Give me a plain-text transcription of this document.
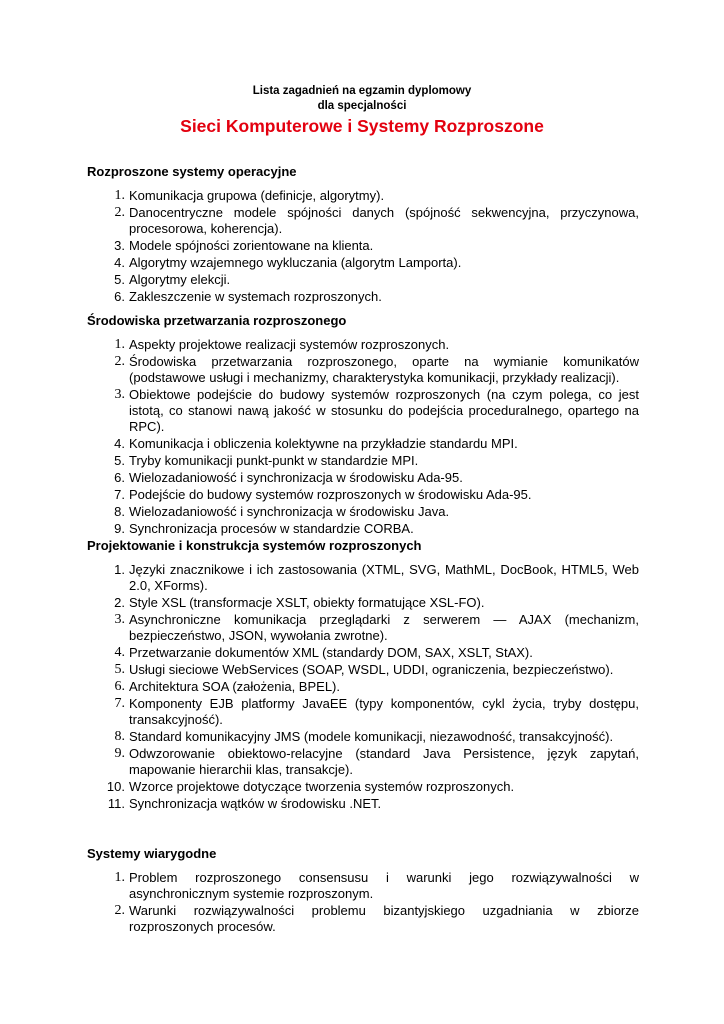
Lista zagadnień na egzamin dyplomowy
dla specjalności
Sieci Komputerowe i Systemy Rozproszone
Rozproszone systemy operacyjne
1. Komunikacja grupowa (definicje, algorytmy).
2. Danocentryczne modele spójności danych (spójność sekwencyjna, przyczynowa, procesorowa, koherencja).
3. Modele spójności zorientowane na klienta.
4. Algorytmy wzajemnego wykluczania (algorytm Lamporta).
5. Algorytmy elekcji.
6. Zakleszczenie w systemach rozproszonych.
Środowiska przetwarzania rozproszonego
1. Aspekty projektowe realizacji systemów rozproszonych.
2. Środowiska przetwarzania rozproszonego, oparte na wymianie komunikatów (podstawowe usługi i mechanizmy, charakterystyka komunikacji, przykłady realizacji).
3. Obiektowe podejście do budowy systemów rozproszonych (na czym polega, co jest istotą, co stanowi nawą jakość w stosunku do podejścia proceduralnego, opartego na RPC).
4. Komunikacja i obliczenia kolektywne na przykładzie standardu MPI.
5. Tryby komunikacji punkt-punkt w standardzie MPI.
6. Wielozadaniowość i synchronizacja w środowisku Ada-95.
7. Podejście do budowy systemów rozproszonych w środowisku Ada-95.
8. Wielozadaniowość i synchronizacja w środowisku Java.
9. Synchronizacja procesów w standardzie CORBA.
Projektowanie i konstrukcja systemów rozproszonych
1. Języki znacznikowe i ich zastosowania (XTML, SVG, MathML, DocBook, HTML5, Web 2.0, XForms).
2. Style XSL (transformacje XSLT, obiekty formatujące XSL-FO).
3. Asynchroniczne komunikacja przeglądarki z serwerem — AJAX (mechanizm, bezpieczeństwo, JSON, wywołania zwrotne).
4. Przetwarzanie dokumentów XML (standardy DOM, SAX, XSLT, StAX).
5. Usługi sieciowe WebServices (SOAP, WSDL, UDDI, ograniczenia, bezpieczeństwo).
6. Architektura SOA (założenia, BPEL).
7. Komponenty EJB platformy JavaEE (typy komponentów, cykl życia, tryby dostępu, transakcyjność).
8. Standard komunikacyjny JMS (modele komunikacji, niezawodność, transakcyjność).
9. Odwzorowanie obiektowo-relacyjne (standard Java Persistence, język zapytań, mapowanie hierarchii klas, transakcje).
10. Wzorce projektowe dotyczące tworzenia systemów rozproszonych.
11. Synchronizacja wątków w środowisku .NET.
Systemy wiarygodne
1. Problem rozproszonego consensusu i warunki jego rozwiązywalności w asynchronicznym systemie rozproszonym.
2. Warunki rozwiązywalności problemu bizantyjskiego uzgadniania w zbiorze rozproszonych procesów.
